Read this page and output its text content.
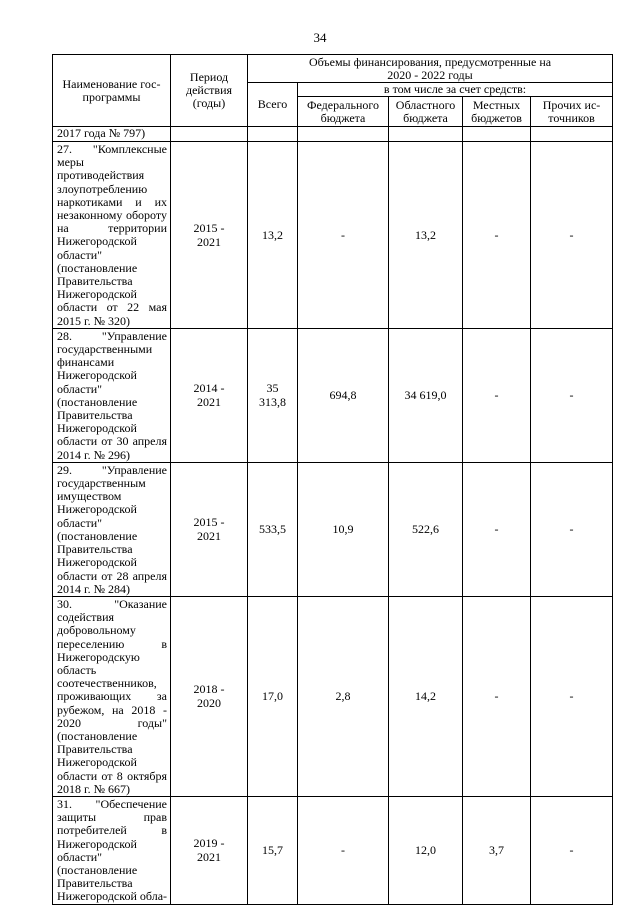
34
Наименование гос-программы	Период действия (годы)	Объемы финансирования, предусмотренные на 2020 - 2022 годы				
		Всего	в том числе за счет средств:			
			Федерального бюджета	Областного бюджета	Местных бюджетов	Прочих ис-точников
2017 года № 797)						
27. "Комплексные меры противодействия злоупотреблению наркотиками и их незаконному обороту на территории Нижегородской области" (постановление Правительства Нижегородской области от 22 мая 2015 г. № 320)	2015 - 2021	13,2	-	13,2	-	-
28. "Управление государственными финансами Нижегородской области" (постановление Правительства Нижегородской области от 30 апреля 2014 г. № 296)	2014 - 2021	35 313,8	694,8	34 619,0	-	-
29. "Управление государственным имуществом Нижегородской области" (постановление Правительства Нижегородской области от 28 апреля 2014 г. № 284)	2015 - 2021	533,5	10,9	522,6	-	-
30. "Оказание содействия добровольному переселению в Нижегородскую область соотечественников, проживающих за рубежом, на 2018 - 2020 годы" (постановление Правительства Нижегородской области от 8 октября 2018 г. № 667)	2018 - 2020	17,0	2,8	14,2	-	-
31. "Обеспечение защиты прав потребителей в Нижегородской области" (постановление Правительства Нижегородской обла-	2019 - 2021	15,7	-	12,0	3,7	-
